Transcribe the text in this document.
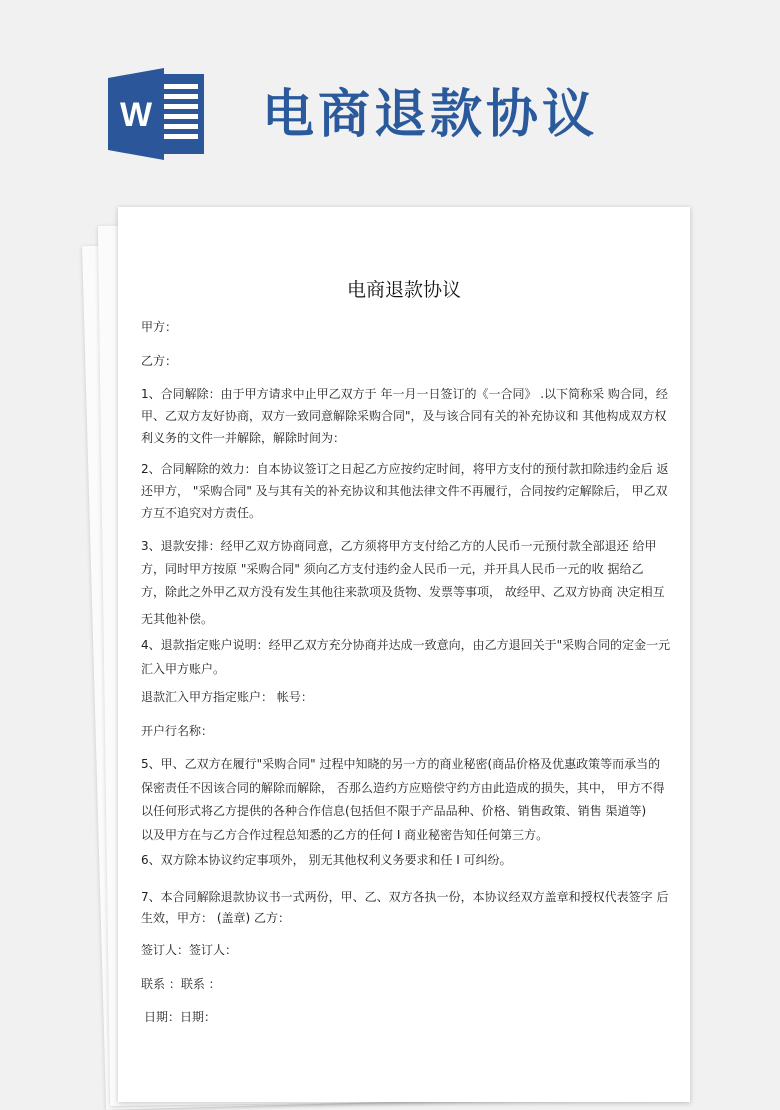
W 电商退款协议
电商退款协议
甲方：
乙方：
1、合同解除：由于甲方请求中止甲乙双方于 年一月一日签订的《一合同》 .以下简称采 购合同，经
甲、乙双方友好协商，双方一致同意解除采购合同"，及与该合同有关的补充协议和 其他构成双方权
利义务的文件一并解除，解除时间为：
2、合同解除的效力：自本协议签订之日起乙方应按约定时间，将甲方支付的预付款扣除违约金后 返
还甲方， "采购合同" 及与其有关的补充协议和其他法律文件不再履行，合同按约定解除后， 甲乙双
方互不追究对方责任。
3、退款安排：经甲乙双方协商同意，乙方须将甲方支付给乙方的人民币一元预付款全部退还 给甲
方，同时甲方按原 "采购合同" 须向乙方支付违约金人民币一元，并开具人民币一元的收 据给乙
方，除此之外甲乙双方没有发生其他往来款项及货物、发票等事项， 故经甲、乙双方协商 决定相互
无其他补偿。
4、退款指定账户说明：经甲乙双方充分协商并达成一致意向，由乙方退回关于"采购合同的定金一元
汇入甲方账户。
退款汇入甲方指定账户： 帐号：
开户行名称：
5、甲、乙双方在履行"采购合同" 过程中知晓的另一方的商业秘密(商品价格及优惠政策等而承当的
保密责任不因该合同的解除而解除， 否那么造约方应赔偿守约方由此造成的损失，其中， 甲方不得
以任何形式将乙方提供的各种合作信息(包括但不限于产品品种、价格、销售政策、销售 渠道等)
以及甲方在与乙方合作过程总知悉的乙方的任何 I 商业秘密告知任何第三方。
6、双方除本协议约定事项外， 别无其他权利义务要求和任 I 可纠纷。
7、本合同解除退款协议书一式两份，甲、乙、双方各执一份，本协议经双方盖章和授权代表签字 后
生效，甲方： (盖章) 乙方：
签订人：签订人：
联系 ：联系 ：
日期：日期：
